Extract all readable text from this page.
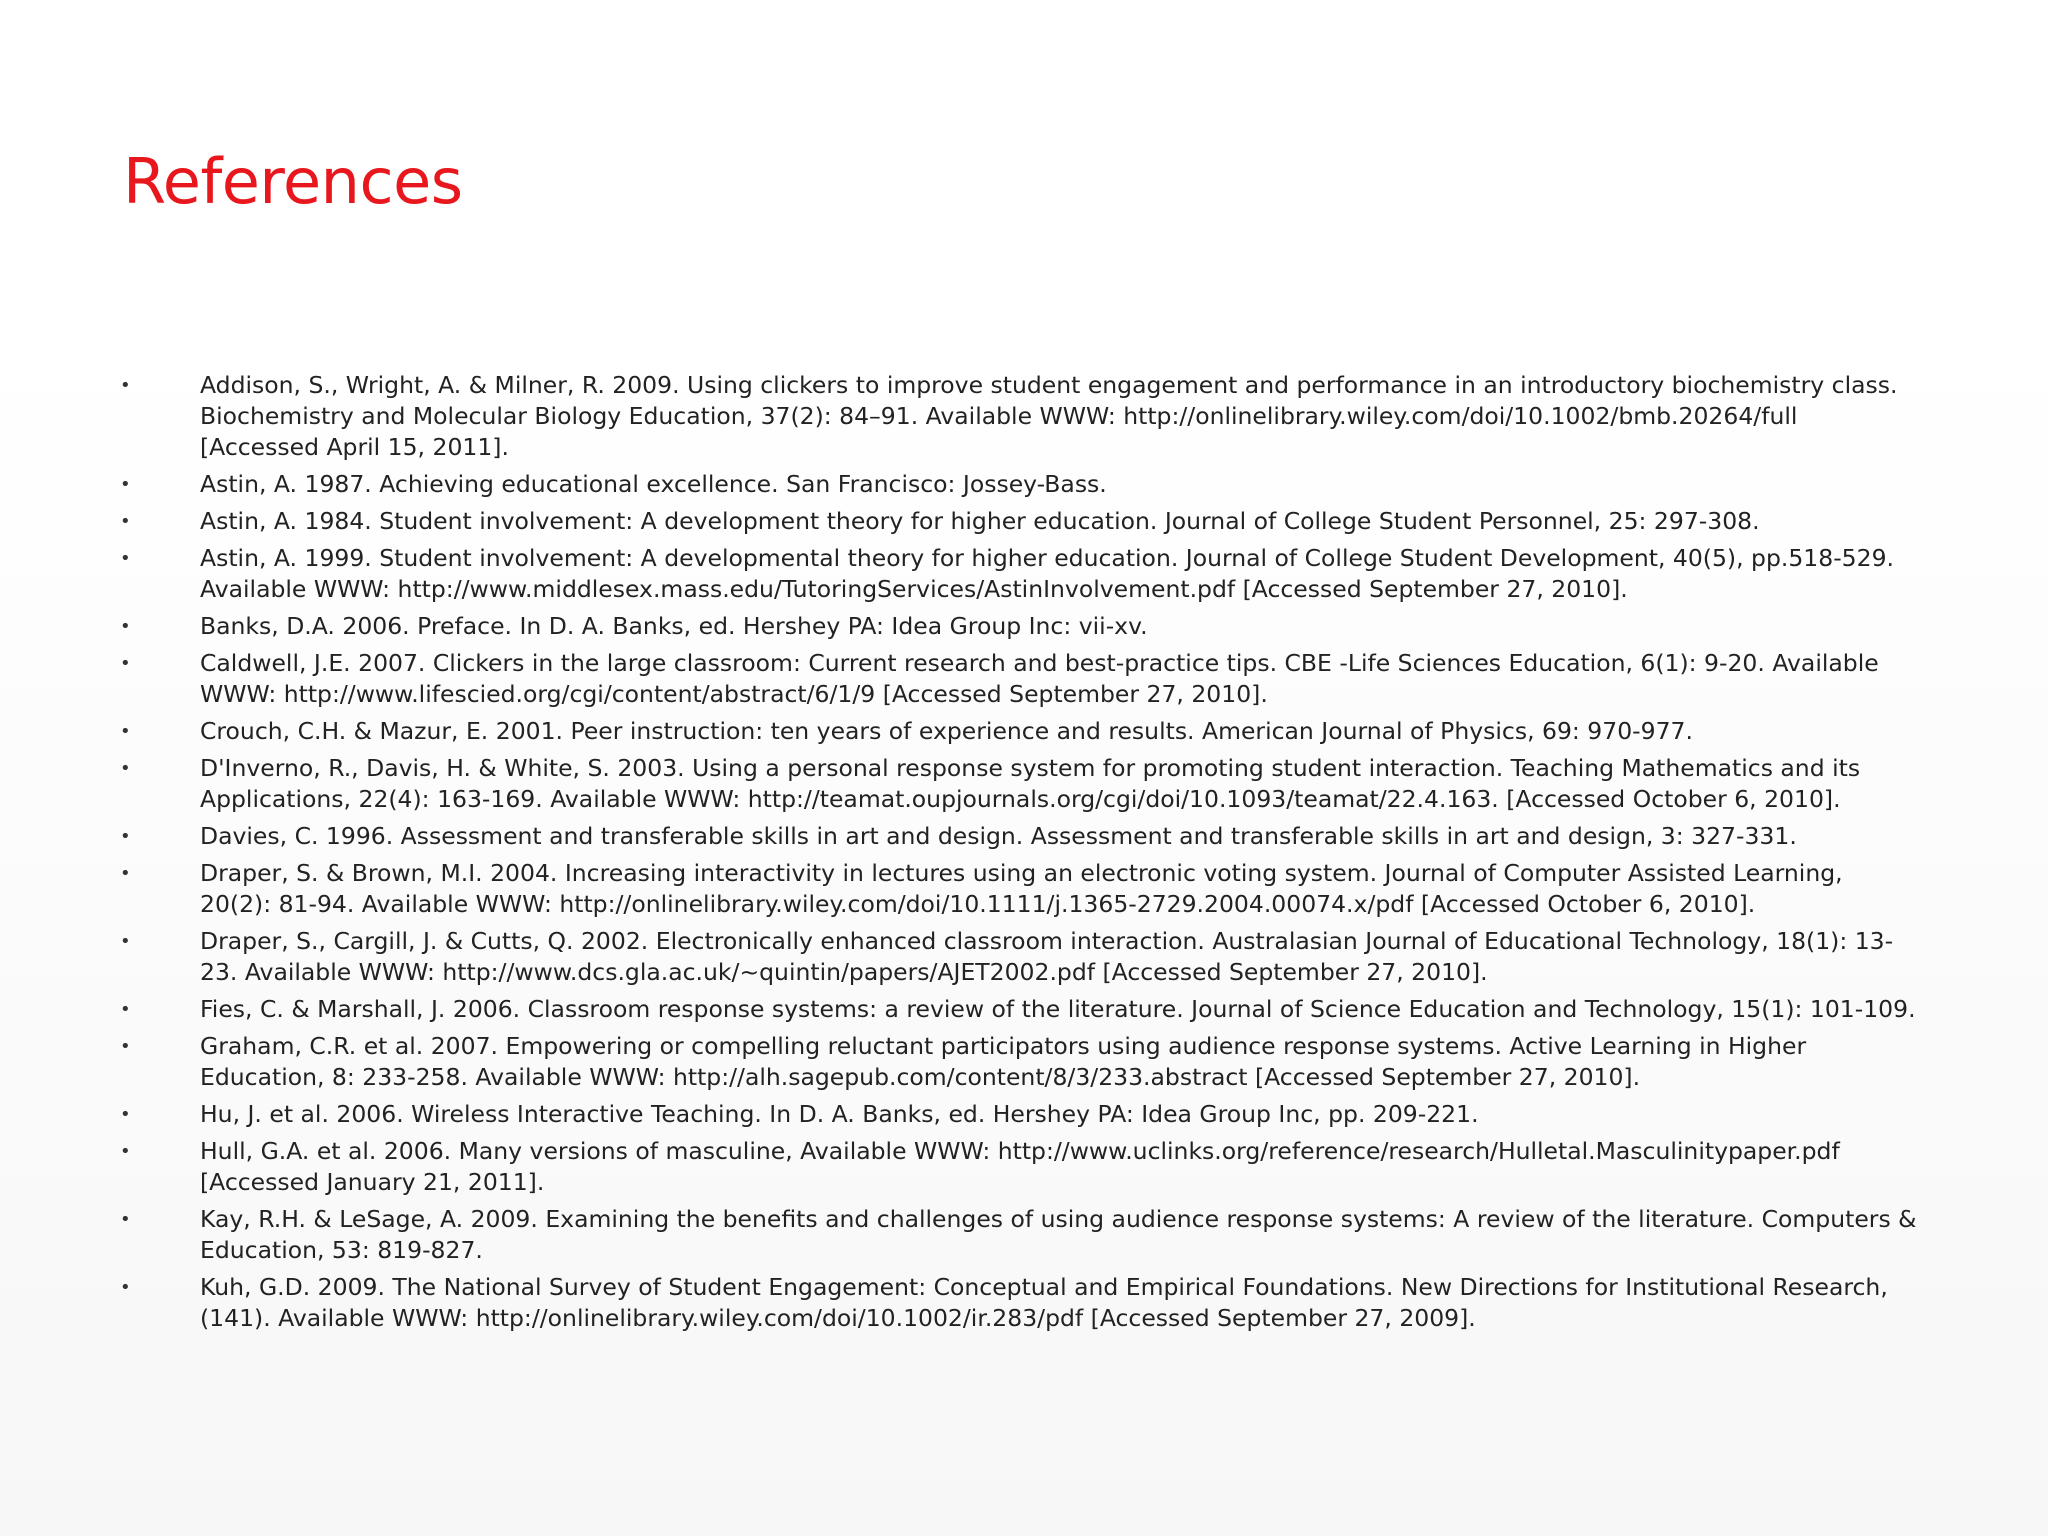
References
•	Addison, S., Wright, A. & Milner, R. 2009. Using clickers to improve student engagement and performance in an introductory biochemistry class. Biochemistry and Molecular Biology Education, 37(2): 84–91. Available WWW: http://onlinelibrary.wiley.com/doi/10.1002/bmb.20264/full [Accessed April 15, 2011].
•	Astin, A. 1987. Achieving educational excellence. San Francisco: Jossey-Bass.
•	Astin, A. 1984. Student involvement: A development theory for higher education. Journal of College Student Personnel, 25: 297-308.
•	Astin, A. 1999. Student involvement: A developmental theory for higher education. Journal of College Student Development, 40(5), pp.518-529. Available WWW: http://www.middlesex.mass.edu/TutoringServices/AstinInvolvement.pdf [Accessed September 27, 2010].
•	Banks, D.A. 2006. Preface. In D. A. Banks, ed. Hershey PA: Idea Group Inc: vii-xv.
•	Caldwell, J.E. 2007. Clickers in the large classroom: Current research and best-practice tips. CBE -Life Sciences Education, 6(1): 9-20. Available WWW: http://www.lifescied.org/cgi/content/abstract/6/1/9 [Accessed September 27, 2010].
•	Crouch, C.H. & Mazur, E. 2001. Peer instruction: ten years of experience and results. American Journal of Physics, 69: 970-977.
•	D'Inverno, R., Davis, H. & White, S. 2003. Using a personal response system for promoting student interaction. Teaching Mathematics and its Applications, 22(4): 163-169. Available WWW: http://teamat.oupjournals.org/cgi/doi/10.1093/teamat/22.4.163. [Accessed October 6, 2010].
•	Davies, C. 1996. Assessment and transferable skills in art and design. Assessment and transferable skills in art and design, 3: 327-331.
•	Draper, S. & Brown, M.I. 2004. Increasing interactivity in lectures using an electronic voting system. Journal of Computer Assisted Learning, 20(2): 81-94. Available WWW: http://onlinelibrary.wiley.com/doi/10.1111/j.1365-2729.2004.00074.x/pdf [Accessed October 6, 2010].
•	Draper, S., Cargill, J. & Cutts, Q. 2002. Electronically enhanced classroom interaction. Australasian Journal of Educational Technology, 18(1): 13-23. Available WWW: http://www.dcs.gla.ac.uk/~quintin/papers/AJET2002.pdf [Accessed September 27, 2010].
•	Fies, C. & Marshall, J. 2006. Classroom response systems: a review of the literature. Journal of Science Education and Technology, 15(1): 101-109.
•	Graham, C.R. et al. 2007. Empowering or compelling reluctant participators using audience response systems. Active Learning in Higher Education, 8: 233-258. Available WWW: http://alh.sagepub.com/content/8/3/233.abstract [Accessed September 27, 2010].
•	Hu, J. et al. 2006. Wireless Interactive Teaching. In D. A. Banks, ed. Hershey PA: Idea Group Inc, pp. 209-221.
•	Hull, G.A. et al. 2006. Many versions of masculine, Available WWW: http://www.uclinks.org/reference/research/Hulletal.Masculinitypaper.pdf [Accessed January 21, 2011].
•	Kay, R.H. & LeSage, A. 2009. Examining the benefits and challenges of using audience response systems: A review of the literature. Computers & Education, 53: 819-827.
•	Kuh, G.D. 2009. The National Survey of Student Engagement: Conceptual and Empirical Foundations. New Directions for Institutional Research, (141). Available WWW: http://onlinelibrary.wiley.com/doi/10.1002/ir.283/pdf [Accessed September 27, 2009].
